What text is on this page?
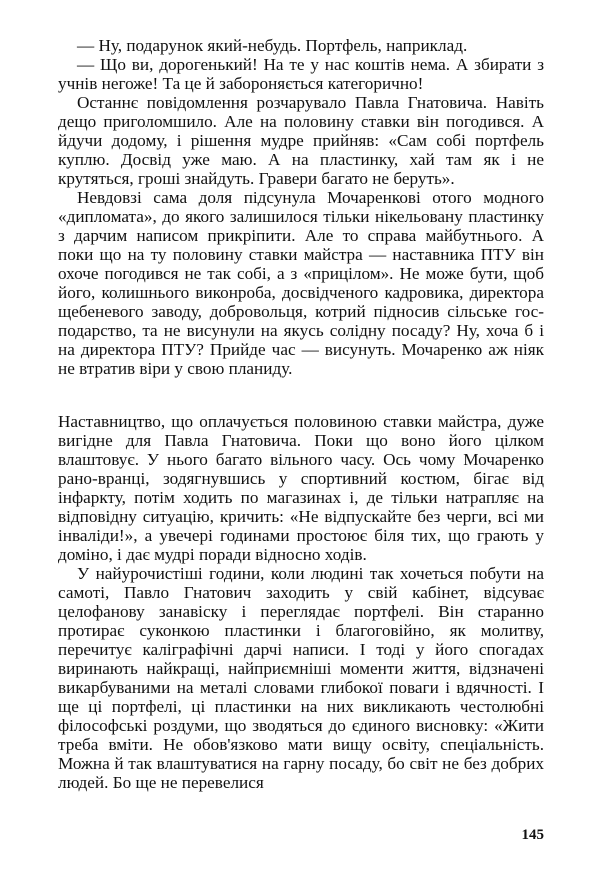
— Ну, подарунок який-небудь. Портфель, наприклад.

— Що ви, дорогенький! На те у нас коштів нема. А збирати з учнів негоже! Та це й забороняється категорично!

Останнє повідомлення розчарувало Павла Гнатовича. Навіть дещо приголомшило. Але на половину ставки він погодився. А йдучи додому, і рішення мудре прийняв: «Сам собі портфель куплю. Досвід уже маю. А на пластинку, хай там як і не крутяться, гроші знайдуть. Гравери багато не беруть».

Невдовзі сама доля підсунула Мочаренкові отого модного «дипломата», до якого залишилося тільки нікельовану пластинку з дарчим написом прикріпити. Але то справа майбутнього. А поки що на ту половину ставки майстра — наставника ПТУ він охоче погодився не так собі, а з «прицілом». Не може бути, щоб його, колишнього виконроба, досвідченого кадровика, директора щебеневого заводу, добровольця, котрий підносив сільське господарство, та не висунули на якусь солідну посаду? Ну, хоча б і на директора ПТУ? Прийде час — висунуть. Мочаренко аж ніяк не втратив віри у свою планиду.

Наставництво, що оплачується половиною ставки майстра, дуже вигідне для Павла Гнатовича. Поки що воно його цілком влаштовує. У нього багато вільного часу. Ось чому Мочаренко рано-вранці, зодягнувшись у спортивний костюм, бігає від інфаркту, потім ходить по магазинах і, де тільки натрапляє на відповідну ситуацію, кричить: «Не відпускайте без черги, всі ми інваліди!», а увечері годинами простоює біля тих, що грають у доміно, і дає мудрі поради відносно ходів.

У найурочистіші години, коли людині так хочеться побути на самоті, Павло Гнатович заходить у свій кабінет, відсуває целофанову занавіску і переглядає портфелі. Він старанно протирає суконкою пластинки і благоговійно, як молитву, перечитує каліграфічні дарчі написи. І тоді у його спогадах виринають найкращі, найприємніші моменти життя, відзначені викарбуваними на металі словами глибокої поваги і вдячності. І ще ці портфелі, ці пластинки на них викликають честолюбні філософські роздуми, що зводяться до єдиного висновку: «Жити треба вміти. Не обов'язково мати вищу освіту, спеціальність. Можна й так влаштуватися на гарну посаду, бо світ не без добрих людей. Бо ще не перевелися

145
